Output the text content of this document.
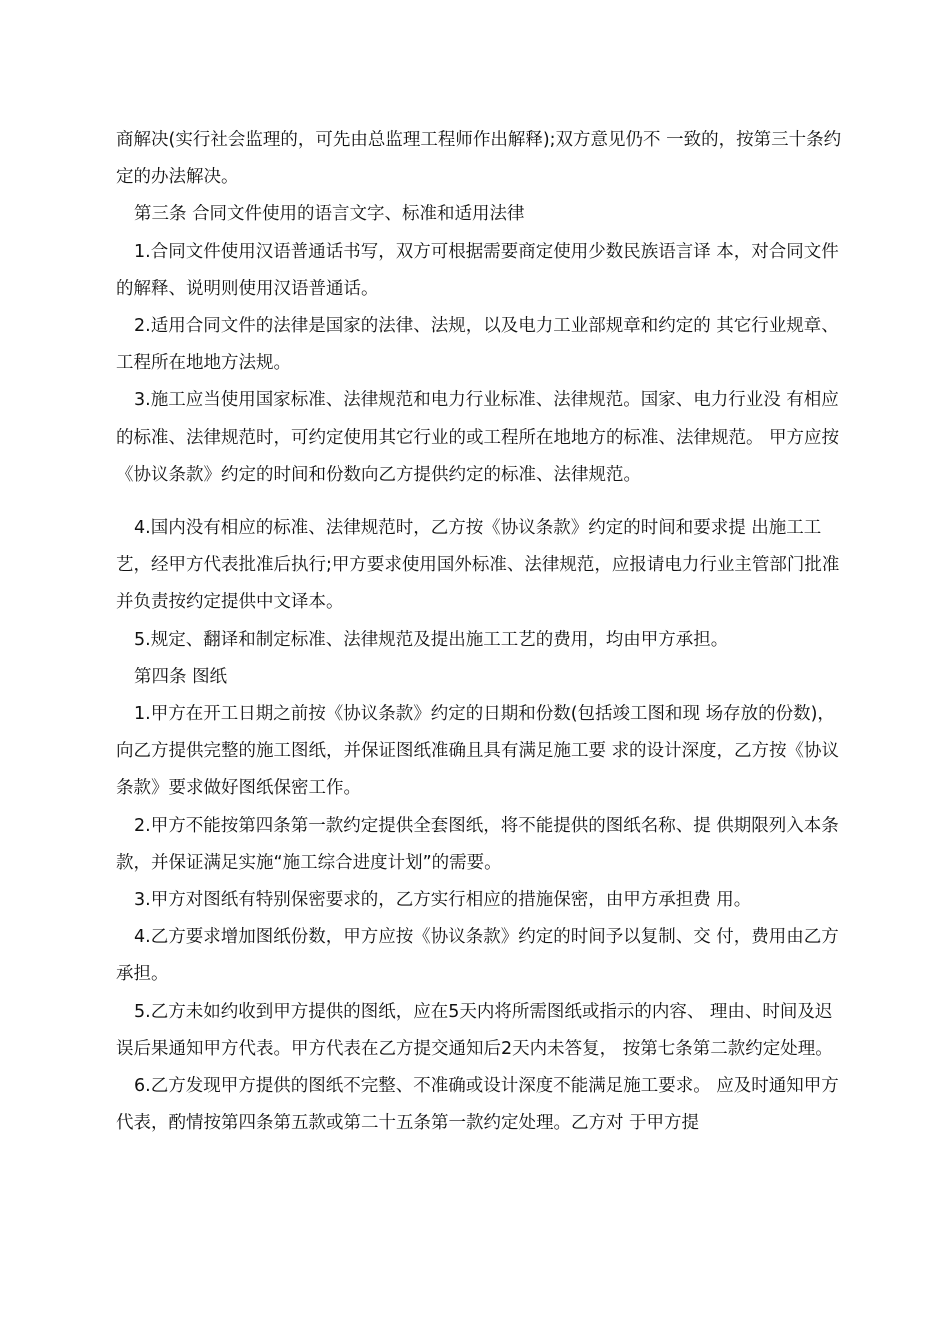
商解决(实行社会监理的，可先由总监理工程师作出解释);双方意见仍不 一致的，按第三十条约定的办法解决。

第三条 合同文件使用的语言文字、标准和适用法律

1.合同文件使用汉语普通话书写，双方可根据需要商定使用少数民族语言译 本，对合同文件的解释、说明则使用汉语普通话。

2.适用合同文件的法律是国家的法律、法规，以及电力工业部规章和约定的 其它行业规章、工程所在地地方法规。

3.施工应当使用国家标准、法律规范和电力行业标准、法律规范。国家、电力行业没 有相应的标准、法律规范时，可约定使用其它行业的或工程所在地地方的标准、法律规范。 甲方应按《协议条款》约定的时间和份数向乙方提供约定的标准、法律规范。

4.国内没有相应的标准、法律规范时，乙方按《协议条款》约定的时间和要求提 出施工工艺，经甲方代表批准后执行;甲方要求使用国外标准、法律规范，应报请电力行业主管部门批准并负责按约定提供中文译本。

5.规定、翻译和制定标准、法律规范及提出施工工艺的费用，均由甲方承担。

第四条 图纸

1.甲方在开工日期之前按《协议条款》约定的日期和份数(包括竣工图和现 场存放的份数)，向乙方提供完整的施工图纸，并保证图纸准确且具有满足施工要 求的设计深度，乙方按《协议条款》要求做好图纸保密工作。

2.甲方不能按第四条第一款约定提供全套图纸，将不能提供的图纸名称、提 供期限列入本条款，并保证满足实施“施工综合进度计划”的需要。

3.甲方对图纸有特别保密要求的，乙方实行相应的措施保密，由甲方承担费 用。

4.乙方要求增加图纸份数，甲方应按《协议条款》约定的时间予以复制、交 付，费用由乙方承担。

5.乙方未如约收到甲方提供的图纸，应在5天内将所需图纸或指示的内容、 理由、时间及迟误后果通知甲方代表。甲方代表在乙方提交通知后2天内未答复， 按第七条第二款约定处理。

6.乙方发现甲方提供的图纸不完整、不准确或设计深度不能满足施工要求。 应及时通知甲方代表，酌情按第四条第五款或第二十五条第一款约定处理。乙方对 于甲方提
